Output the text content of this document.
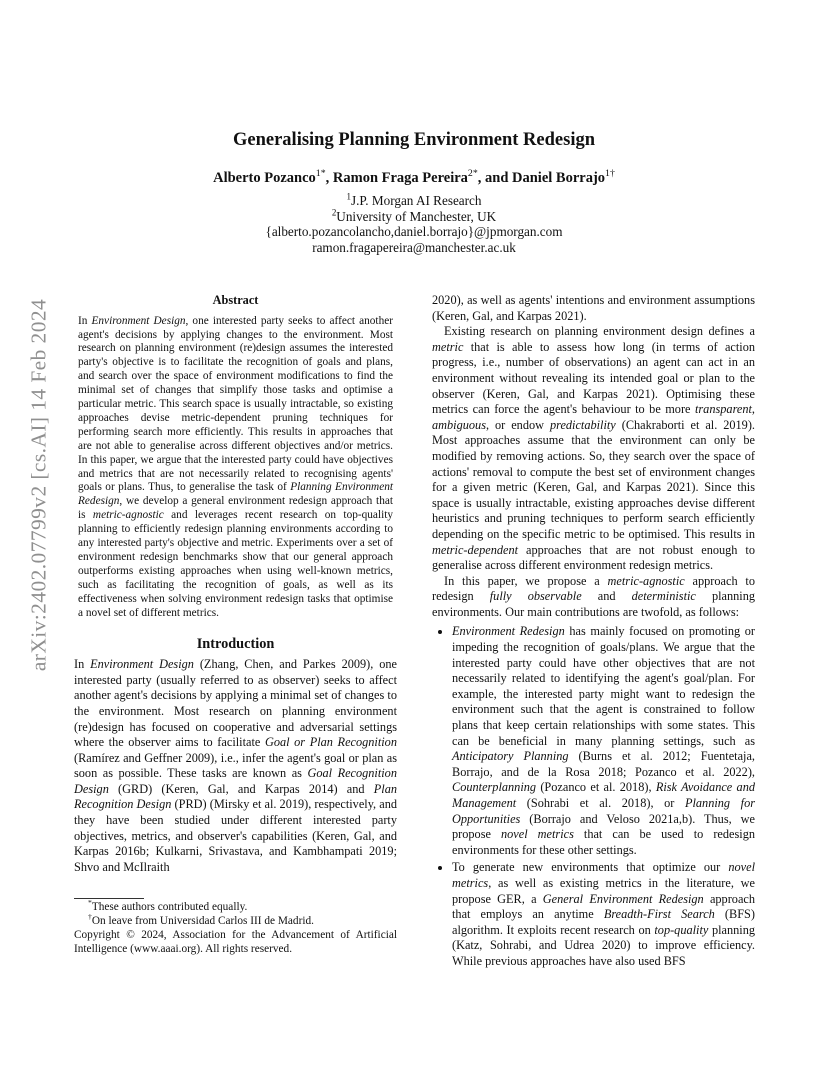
arXiv:2402.07799v2 [cs.AI] 14 Feb 2024
Generalising Planning Environment Redesign
Alberto Pozanco$^{1*}$, Ramon Fraga Pereira$^{2*}$, and Daniel Borrajo$^{1\dagger}$
$^1$J.P. Morgan AI Research
$^2$University of Manchester, UK
{alberto.pozancolancho,daniel.borrajo}@jpmorgan.com
ramon.fragapereira@manchester.ac.uk
Abstract

In Environment Design, one interested party seeks to affect another agent's decisions by applying changes to the environment. Most research on planning environment (re)design assumes the interested party's objective is to facilitate the recognition of goals and plans, and search over the space of environment modifications to find the minimal set of changes that simplify those tasks and optimise a particular metric. This search space is usually intractable, so existing approaches devise metric-dependent pruning techniques for performing search more efficiently. This results in approaches that are not able to generalise across different objectives and/or metrics. In this paper, we argue that the interested party could have objectives and metrics that are not necessarily related to recognising agents' goals or plans. Thus, to generalise the task of Planning Environment Redesign, we develop a general environment redesign approach that is metric-agnostic and leverages recent research on top-quality planning to efficiently redesign planning environments according to any interested party's objective and metric. Experiments over a set of environment redesign benchmarks show that our general approach outperforms existing approaches when using well-known metrics, such as facilitating the recognition of goals, as well as its effectiveness when solving environment redesign tasks that optimise a novel set of different metrics.

Introduction

In Environment Design (Zhang, Chen, and Parkes 2009), one interested party (usually referred to as observer) seeks to affect another agent's decisions by applying a minimal set of changes to the environment. Most research on planning environment (re)design has focused on cooperative and adversarial settings where the observer aims to facilitate Goal or Plan Recognition (Ramírez and Geffner 2009), i.e., infer the agent's goal or plan as soon as possible. These tasks are known as Goal Recognition Design (GRD) (Keren, Gal, and Karpas 2014) and Plan Recognition Design (PRD) (Mirsky et al. 2019), respectively, and they have been studied under different interested party objectives, metrics, and observer's capabilities (Keren, Gal, and Karpas 2016b; Kulkarni, Srivastava, and Kambhampati 2019; Shvo and McIlraith

*These authors contributed equally.
†On leave from Universidad Carlos III de Madrid.
Copyright © 2024, Association for the Advancement of Artificial Intelligence (www.aaai.org). All rights reserved.

2020), as well as agents' intentions and environment assumptions (Keren, Gal, and Karpas 2021).

Existing research on planning environment design defines a metric that is able to assess how long (in terms of action progress, i.e., number of observations) an agent can act in an environment without revealing its intended goal or plan to the observer (Keren, Gal, and Karpas 2021). Optimising these metrics can force the agent's behaviour to be more transparent, ambiguous, or endow predictability (Chakraborti et al. 2019). Most approaches assume that the environment can only be modified by removing actions. So, they search over the space of actions' removal to compute the best set of environment changes for a given metric (Keren, Gal, and Karpas 2021). Since this space is usually intractable, existing approaches devise different heuristics and pruning techniques to perform search efficiently depending on the specific metric to be optimised. This results in metric-dependent approaches that are not robust enough to generalise across different environment redesign metrics.

In this paper, we propose a metric-agnostic approach to redesign fully observable and deterministic planning environments. Our main contributions are twofold, as follows:

• Environment Redesign has mainly focused on promoting or impeding the recognition of goals/plans. We argue that the interested party could have other objectives that are not necessarily related to identifying the agent's goal/plan. For example, the interested party might want to redesign the environment such that the agent is constrained to follow plans that keep certain relationships with some states. This can be beneficial in many planning settings, such as Anticipatory Planning (Burns et al. 2012; Fuentetaja, Borrajo, and de la Rosa 2018; Pozanco et al. 2022), Counterplanning (Pozanco et al. 2018), Risk Avoidance and Management (Sohrabi et al. 2018), or Planning for Opportunities (Borrajo and Veloso 2021a,b). Thus, we propose novel metrics that can be used to redesign environments for these other settings.
• To generate new environments that optimize our novel metrics, as well as existing metrics in the literature, we propose GER, a General Environment Redesign approach that employs an anytime Breadth-First Search (BFS) algorithm. It exploits recent research on top-quality planning (Katz, Sohrabi, and Udrea 2020) to improve efficiency. While previous approaches have also used BFS
